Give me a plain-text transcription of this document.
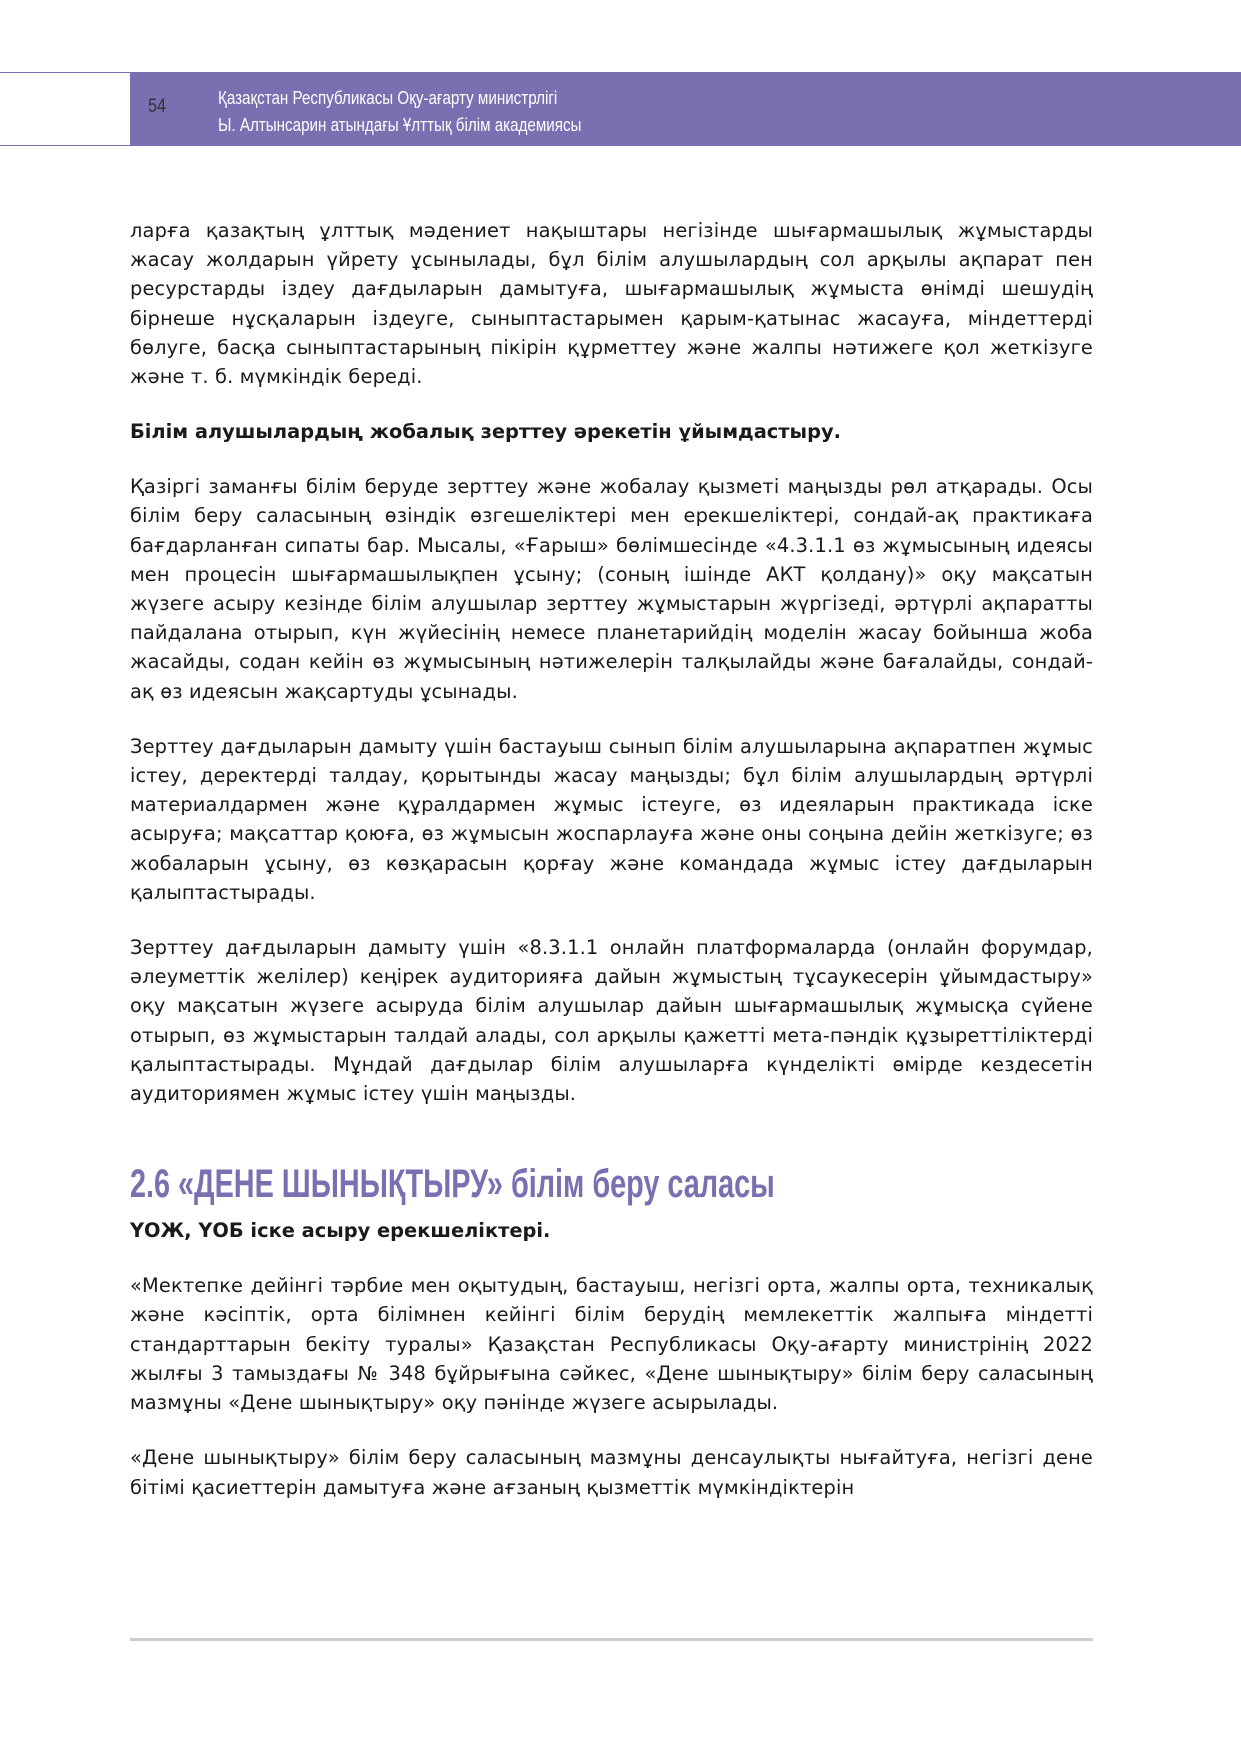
54	Қазақстан Республикасы Оқу-ағарту министрлігі
Ы. Алтынсарин атындағы Ұлттық білім академиясы

ларға қазақтың ұлттық мәдениет нақыштары негізінде шығармашылық жұмыстарды жасау жолдарын үйрету ұсынылады, бұл білім алушылардың сол арқылы ақпарат пен ресурстарды іздеу дағдыларын дамытуға, шығармашылық жұмыста өнімді шешудің бірнеше нұсқаларын іздеуге, сыныптастарымен қарым-қатынас жасауға, міндеттерді бөлуге, басқа сыныптастарының пікірін құрметтеу және жалпы нәтижеге қол жеткізуге және т. б. мүмкіндік береді.

Білім алушылардың жобалық зерттеу әрекетін ұйымдастыру.

Қазіргі заманғы білім беруде зерттеу және жобалау қызметі маңызды рөл атқарады. Осы білім беру саласының өзіндік өзгешеліктері мен ерекшеліктері, сондай-ақ практикаға бағдарланған сипаты бар. Мысалы, «Ғарыш» бөлімшесінде «4.3.1.1 өз жұмысының идеясы мен процесін шығармашылықпен ұсыну; (соның ішінде АКТ қолдану)» оқу мақсатын жүзеге асыру кезінде білім алушылар зерттеу жұмыстарын жүргізеді, әртүрлі ақпаратты пайдалана отырып, күн жүйесінің немесе планетарийдің моделін жасау бойынша жоба жасайды, содан кейін өз жұмысының нәтижелерін талқылайды және бағалайды, сондай-ақ өз идеясын жақсартуды ұсынады.

Зерттеу дағдыларын дамыту үшін бастауыш сынып білім алушыларына ақпаратпен жұмыс істеу, деректерді талдау, қорытынды жасау маңызды; бұл білім алушылардың әртүрлі материалдармен және құралдармен жұмыс істеуге, өз идеяларын практикада іске асыруға; мақсаттар қоюға, өз жұмысын жоспарлауға және оны соңына дейін жеткізуге; өз жобаларын ұсыну, өз көзқарасын қорғау және командада жұмыс істеу дағдыларын қалыптастырады.

Зерттеу дағдыларын дамыту үшін «8.3.1.1 онлайн платформаларда (онлайн форумдар, әлеуметтік желілер) кеңірек аудиторияға дайын жұмыстың тұсаукесерін ұйымдастыру» оқу мақсатын жүзеге асыруда білім алушылар дайын шығармашылық жұмысқа сүйене отырып, өз жұмыстарын талдай алады, сол арқылы қажетті мета-пәндік құзыреттіліктерді қалыптастырады. Мұндай дағдылар білім алушыларға күнделікті өмірде кездесетін аудиториямен жұмыс істеу үшін маңызды.

2.6 «ДЕНЕ ШЫНЫҚТЫРУ» білім беру саласы

ҮОЖ, ҮОБ іске асыру ерекшеліктері.

«Мектепке дейінгі тәрбие мен оқытудың, бастауыш, негізгі орта, жалпы орта, техникалық және кәсіптік, орта білімнен кейінгі білім берудің мемлекеттік жалпыға міндетті стандарттарын бекіту туралы» Қазақстан Республикасы Оқу-ағарту министрінің 2022 жылғы 3 тамыздағы № 348 бұйрығына сәйкес, «Дене шынықтыру» білім беру саласының мазмұны «Дене шынықтыру» оқу пәнінде жүзеге асырылады.

«Дене шынықтыру» білім беру саласының мазмұны денсаулықты нығайтуға, негізгі дене бітімі қасиеттерін дамытуға және ағзаның қызметтік мүмкіндіктерін
